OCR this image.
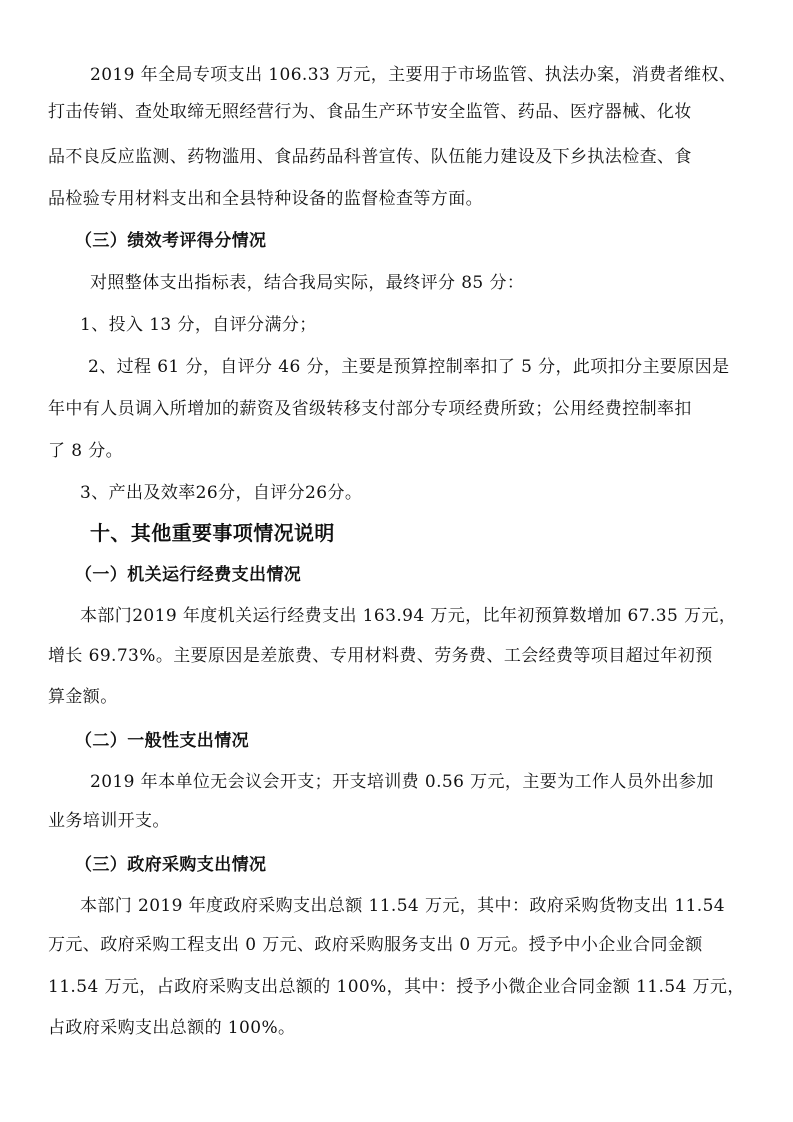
2019 年全局专项支出 106.33 万元，主要用于市场监管、执法办案，消费者维权、
打击传销、查处取缔无照经营行为、食品生产环节安全监管、药品、医疗器械、化妆
品不良反应监测、药物滥用、食品药品科普宣传、队伍能力建设及下乡执法检查、食
品检验专用材料支出和全县特种设备的监督检查等方面。
（三）绩效考评得分情况
对照整体支出指标表，结合我局实际，最终评分 85 分：
1、投入 13 分，自评分满分；
2、过程 61 分，自评分 46 分，主要是预算控制率扣了 5 分，此项扣分主要原因是
年中有人员调入所增加的薪资及省级转移支付部分专项经费所致；公用经费控制率扣
了 8 分。
3、产出及效率26分，自评分26分。
十、其他重要事项情况说明
（一）机关运行经费支出情况
本部门2019 年度机关运行经费支出 163.94 万元，比年初预算数增加 67.35 万元，
增长 69.73%。主要原因是差旅费、专用材料费、劳务费、工会经费等项目超过年初预
算金额。
（二）一般性支出情况
2019 年本单位无会议会开支；开支培训费 0.56 万元，主要为工作人员外出参加
业务培训开支。
（三）政府采购支出情况
本部门 2019 年度政府采购支出总额 11.54 万元，其中：政府采购货物支出 11.54
万元、政府采购工程支出 0 万元、政府采购服务支出 0 万元。授予中小企业合同金额
11.54 万元，占政府采购支出总额的 100%，其中：授予小微企业合同金额 11.54 万元，
占政府采购支出总额的 100%。
